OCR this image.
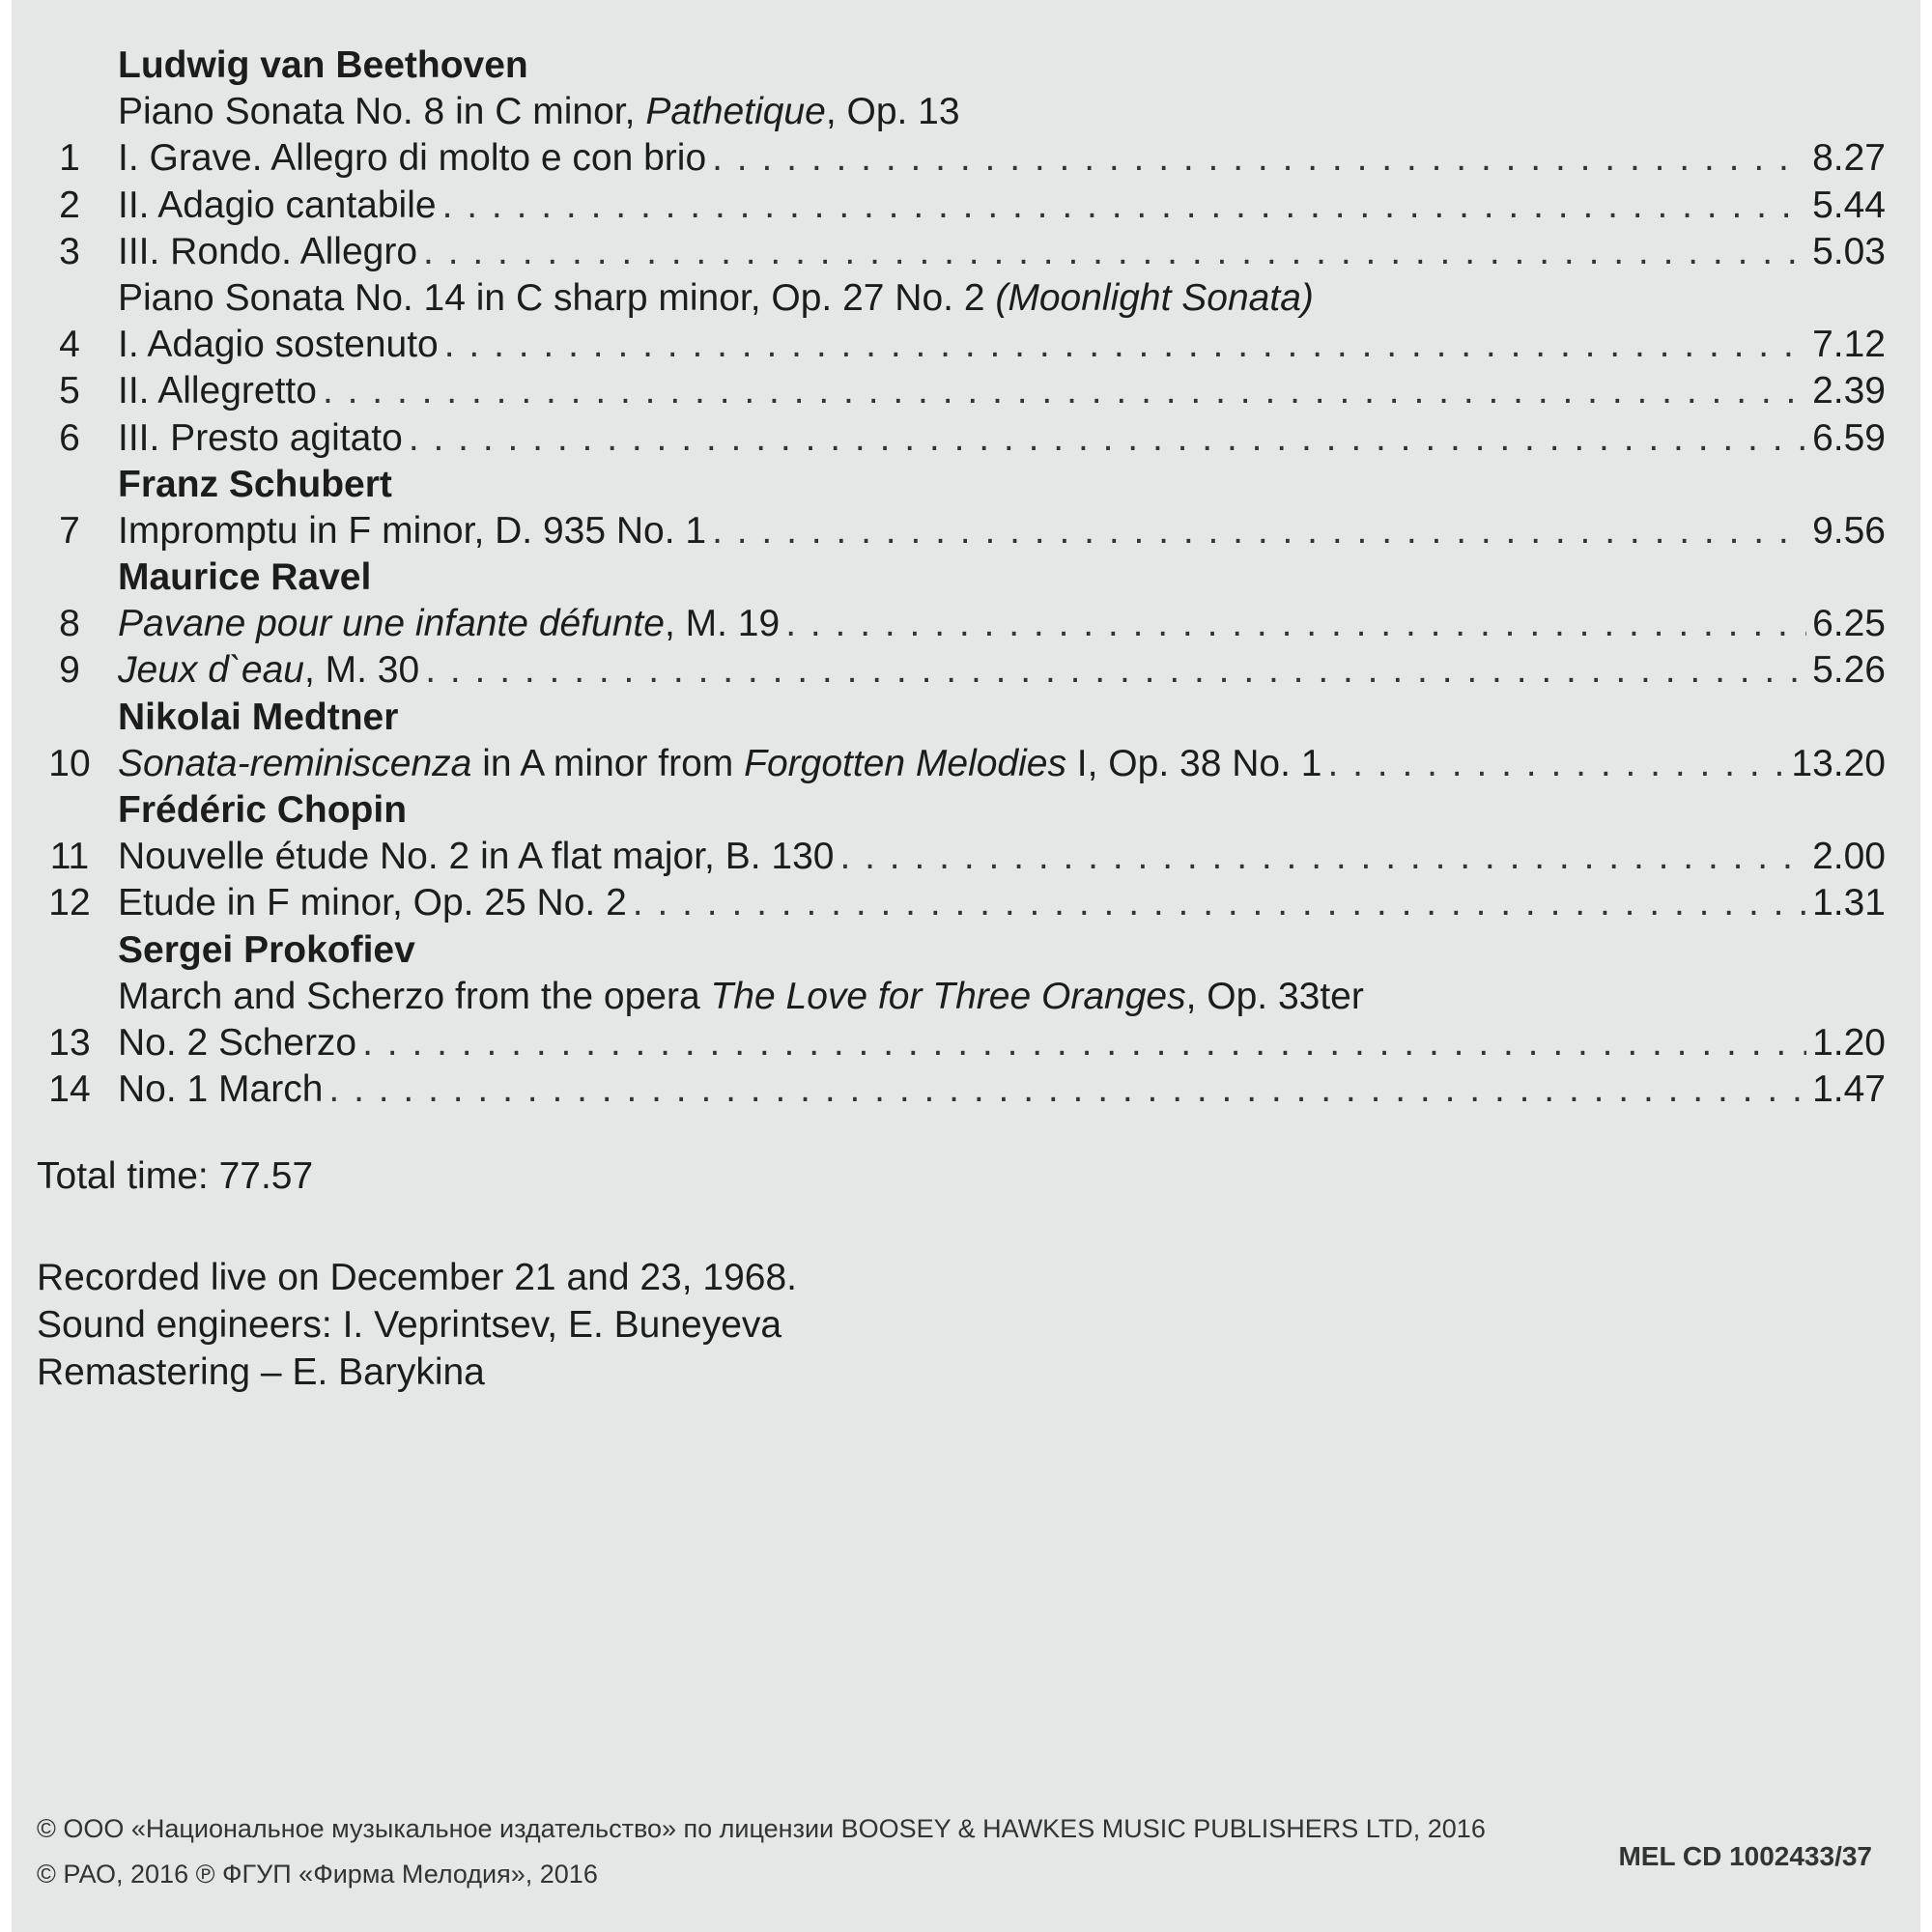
Ludwig van Beethoven
Piano Sonata No. 8 in C minor, Pathetique, Op. 13
1	I. Grave. Allegro di molto e con brio . . .	8.27
2	II. Adagio cantabile . . .	5.44
3	III. Rondo. Allegro . . .	5.03
Piano Sonata No. 14 in C sharp minor, Op. 27 No. 2 (Moonlight Sonata)
4	I. Adagio sostenuto . . .	7.12
5	II. Allegretto . . .	2.39
6	III. Presto agitato . . .	6.59
Franz Schubert
7	Impromptu in F minor, D. 935 No. 1 . . .	9.56
Maurice Ravel
8	Pavane pour une infante défunte, M. 19 . . .	6.25
9	Jeux d`eau, M. 30 . . .	5.26
Nikolai Medtner
10 Sonata-reminiscenza in A minor from Forgotten Melodies I, Op. 38 No. 1 . . .	13.20
Frédéric Chopin
11 Nouvelle étude No. 2 in A flat major, B. 130 . . .	2.00
12 Etude in F minor, Op. 25 No. 2 . . .	1.31
Sergei Prokofiev
March and Scherzo from the opera The Love for Three Oranges, Op. 33ter
13 No. 2 Scherzo . . .	1.20
14 No. 1 March . . .	1.47
Total time: 77.57
Recorded live on December 21 and 23, 1968.
Sound engineers: I. Veprintsev, E. Buneyeva
Remastering – E. Barykina
© ООО «Национальное музыкальное издательство» по лицензии BOOSEY & HAWKES MUSIC PUBLISHERS LTD, 2016
© РАО, 2016 ℗ ФГУП «Фирма Мелодия», 2016
MEL CD 1002433/37
